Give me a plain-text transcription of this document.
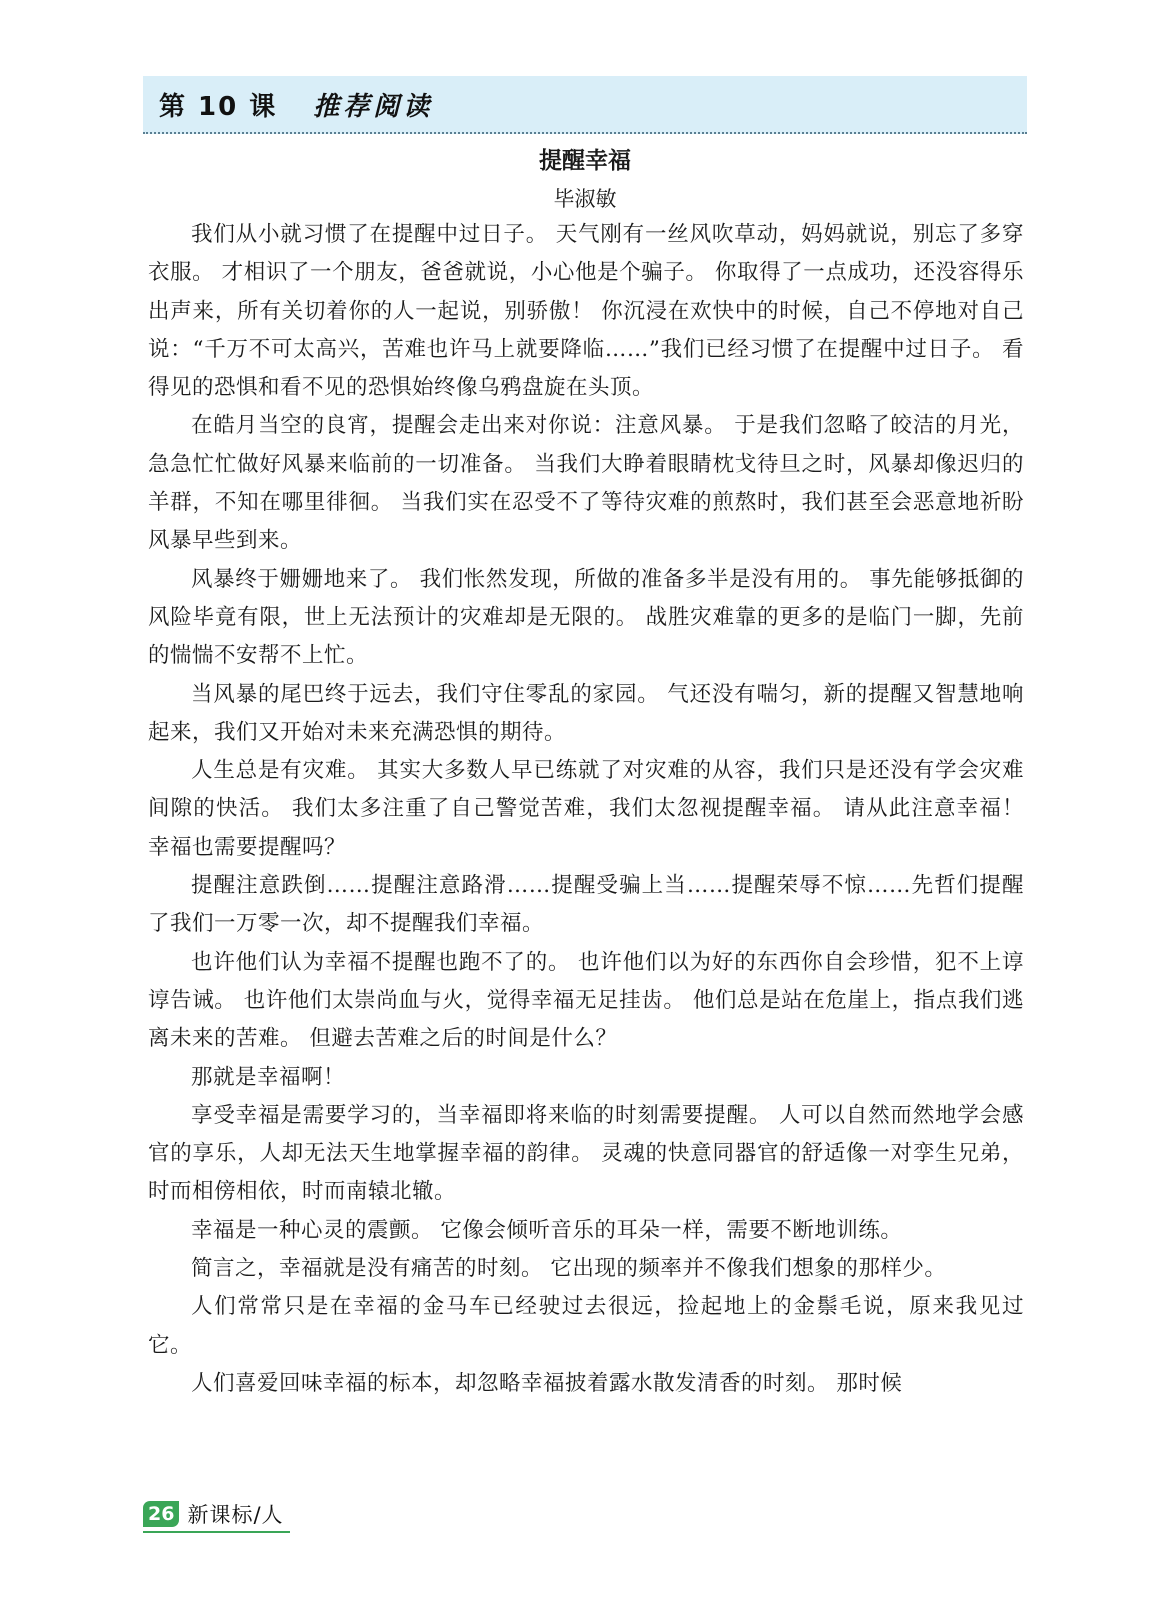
第 10 课 推荐阅读
提醒幸福
毕淑敏

我们从小就习惯了在提醒中过日子。 天气刚有一丝风吹草动，妈妈就说，别忘了多穿衣服。 才相识了一个朋友，爸爸就说，小心他是个骗子。 你取得了一点成功，还没容得乐出声来，所有关切着你的人一起说，别骄傲！ 你沉浸在欢快中的时候，自己不停地对自己说：“千万不可太高兴，苦难也许马上就要降临……”我们已经习惯了在提醒中过日子。 看得见的恐惧和看不见的恐惧始终像乌鸦盘旋在头顶。

在皓月当空的良宵，提醒会走出来对你说：注意风暴。 于是我们忽略了皎洁的月光，急急忙忙做好风暴来临前的一切准备。 当我们大睁着眼睛枕戈待旦之时，风暴却像迟归的羊群，不知在哪里徘徊。 当我们实在忍受不了等待灾难的煎熬时，我们甚至会恶意地祈盼风暴早些到来。

风暴终于姗姗地来了。 我们怅然发现，所做的准备多半是没有用的。 事先能够抵御的风险毕竟有限，世上无法预计的灾难却是无限的。 战胜灾难靠的更多的是临门一脚，先前的惴惴不安帮不上忙。

当风暴的尾巴终于远去，我们守住零乱的家园。 气还没有喘匀，新的提醒又智慧地响起来，我们又开始对未来充满恐惧的期待。

人生总是有灾难。 其实大多数人早已练就了对灾难的从容，我们只是还没有学会灾难间隙的快活。 我们太多注重了自己警觉苦难，我们太忽视提醒幸福。 请从此注意幸福！ 幸福也需要提醒吗？

提醒注意跌倒……提醒注意路滑……提醒受骗上当……提醒荣辱不惊……先哲们提醒了我们一万零一次，却不提醒我们幸福。

也许他们认为幸福不提醒也跑不了的。 也许他们以为好的东西你自会珍惜，犯不上谆谆告诫。 也许他们太崇尚血与火，觉得幸福无足挂齿。 他们总是站在危崖上，指点我们逃离未来的苦难。 但避去苦难之后的时间是什么？

那就是幸福啊！

享受幸福是需要学习的，当幸福即将来临的时刻需要提醒。 人可以自然而然地学会感官的享乐，人却无法天生地掌握幸福的韵律。 灵魂的快意同器官的舒适像一对孪生兄弟，时而相傍相依，时而南辕北辙。

幸福是一种心灵的震颤。 它像会倾听音乐的耳朵一样，需要不断地训练。

简言之，幸福就是没有痛苦的时刻。 它出现的频率并不像我们想象的那样少。

人们常常只是在幸福的金马车已经驶过去很远，捡起地上的金鬃毛说，原来我见过它。

人们喜爱回味幸福的标本，却忽略幸福披着露水散发清香的时刻。 那时候

26 新课标/人
